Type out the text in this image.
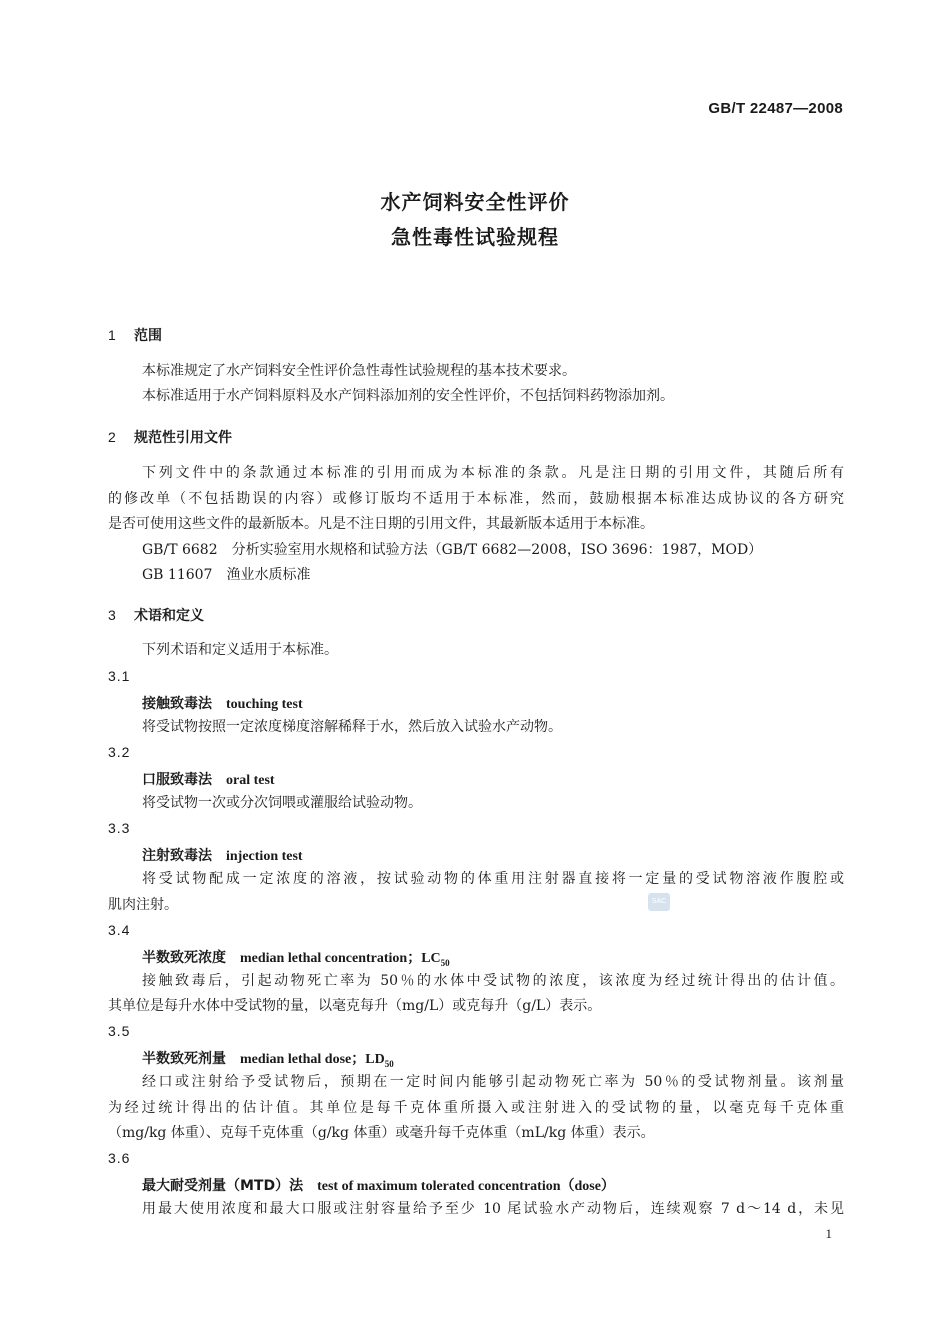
GB/T 22487—2008
水产饲料安全性评价
急性毒性试验规程
1 范围
本标准规定了水产饲料安全性评价急性毒性试验规程的基本技术要求。
本标准适用于水产饲料原料及水产饲料添加剂的安全性评价，不包括饲料药物添加剂。
2 规范性引用文件
下列文件中的条款通过本标准的引用而成为本标准的条款。凡是注日期的引用文件，其随后所有
的修改单（不包括勘误的内容）或修订版均不适用于本标准，然而，鼓励根据本标准达成协议的各方研究
是否可使用这些文件的最新版本。凡是不注日期的引用文件，其最新版本适用于本标准。
GB/T 6682 分析实验室用水规格和试验方法（GB/T 6682—2008，ISO 3696：1987，MOD）
GB 11607 渔业水质标准
3 术语和定义
下列术语和定义适用于本标准。
3.1
接触致毒法 touching test
将受试物按照一定浓度梯度溶解稀释于水，然后放入试验水产动物。
3.2
口服致毒法 oral test
将受试物一次或分次饲喂或灌服给试验动物。
3.3
注射致毒法 injection test
将受试物配成一定浓度的溶液，按试验动物的体重用注射器直接将一定量的受试物溶液作腹腔或
肌肉注射。	SAC
3.4
半数致死浓度 median lethal concentration；$LC_{50}$
接触致毒后，引起动物死亡率为 50％的水体中受试物的浓度，该浓度为经过统计得出的估计值。
其单位是每升水体中受试物的量，以毫克每升（mg/L）或克每升（g/L）表示。
3.5
半数致死剂量 median lethal dose；$LD_{50}$
经口或注射给予受试物后，预期在一定时间内能够引起动物死亡率为 50％的受试物剂量。该剂量
为经过统计得出的估计值。其单位是每千克体重所摄入或注射进入的受试物的量，以毫克每千克体重
（mg/kg 体重）、克每千克体重（g/kg 体重）或毫升每千克体重（mL/kg 体重）表示。
3.6
最大耐受剂量（MTD）法 test of maximum tolerated concentration（dose）
用最大使用浓度和最大口服或注射容量给予至少 10 尾试验水产动物后，连续观察 7 d～14 d，未见
1
